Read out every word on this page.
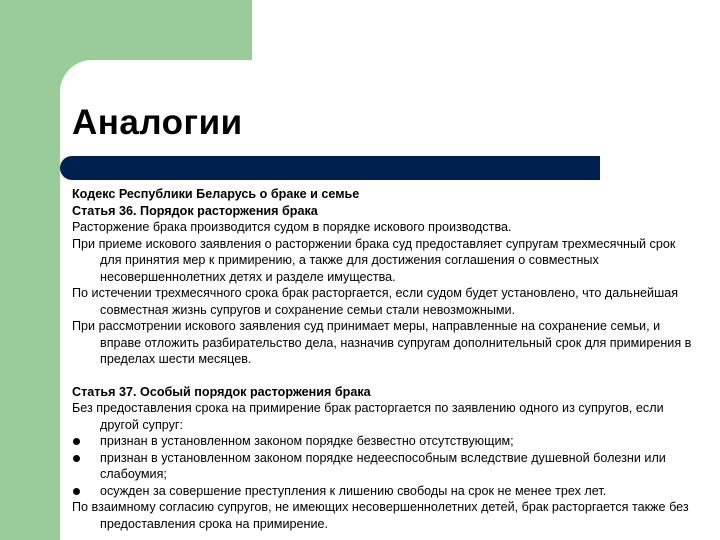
Аналогии

Кодекс Республики Беларусь о браке и семье

Статья 36. Порядок расторжения брака

Расторжение брака производится судом в порядке искового производства.

При приеме искового заявления о расторжении брака суд предоставляет супругам трехмесячный срок для принятия мер к примирению, а также для достижения соглашения о совместных несовершеннолетних детях и разделе имущества.

По истечении трехмесячного срока брак расторгается, если судом будет установлено, что дальнейшая совместная жизнь супругов и сохранение семьи стали невозможными.

При рассмотрении искового заявления суд принимает меры, направленные на сохранение семьи, и вправе отложить разбирательство дела, назначив супругам дополнительный срок для примирения в пределах шести месяцев.

Статья 37. Особый порядок расторжения брака

Без предоставления срока на примирение брак расторгается по заявлению одного из супругов, если другой супруг:

признан в установленном законом порядке безвестно отсутствующим;

признан в установленном законом порядке недееспособным вследствие душевной болезни или слабоумия;

осужден за совершение преступления к лишению свободы на срок не менее трех лет.

По взаимному согласию супругов, не имеющих несовершеннолетних детей, брак расторгается также без предоставления срока на примирение.
